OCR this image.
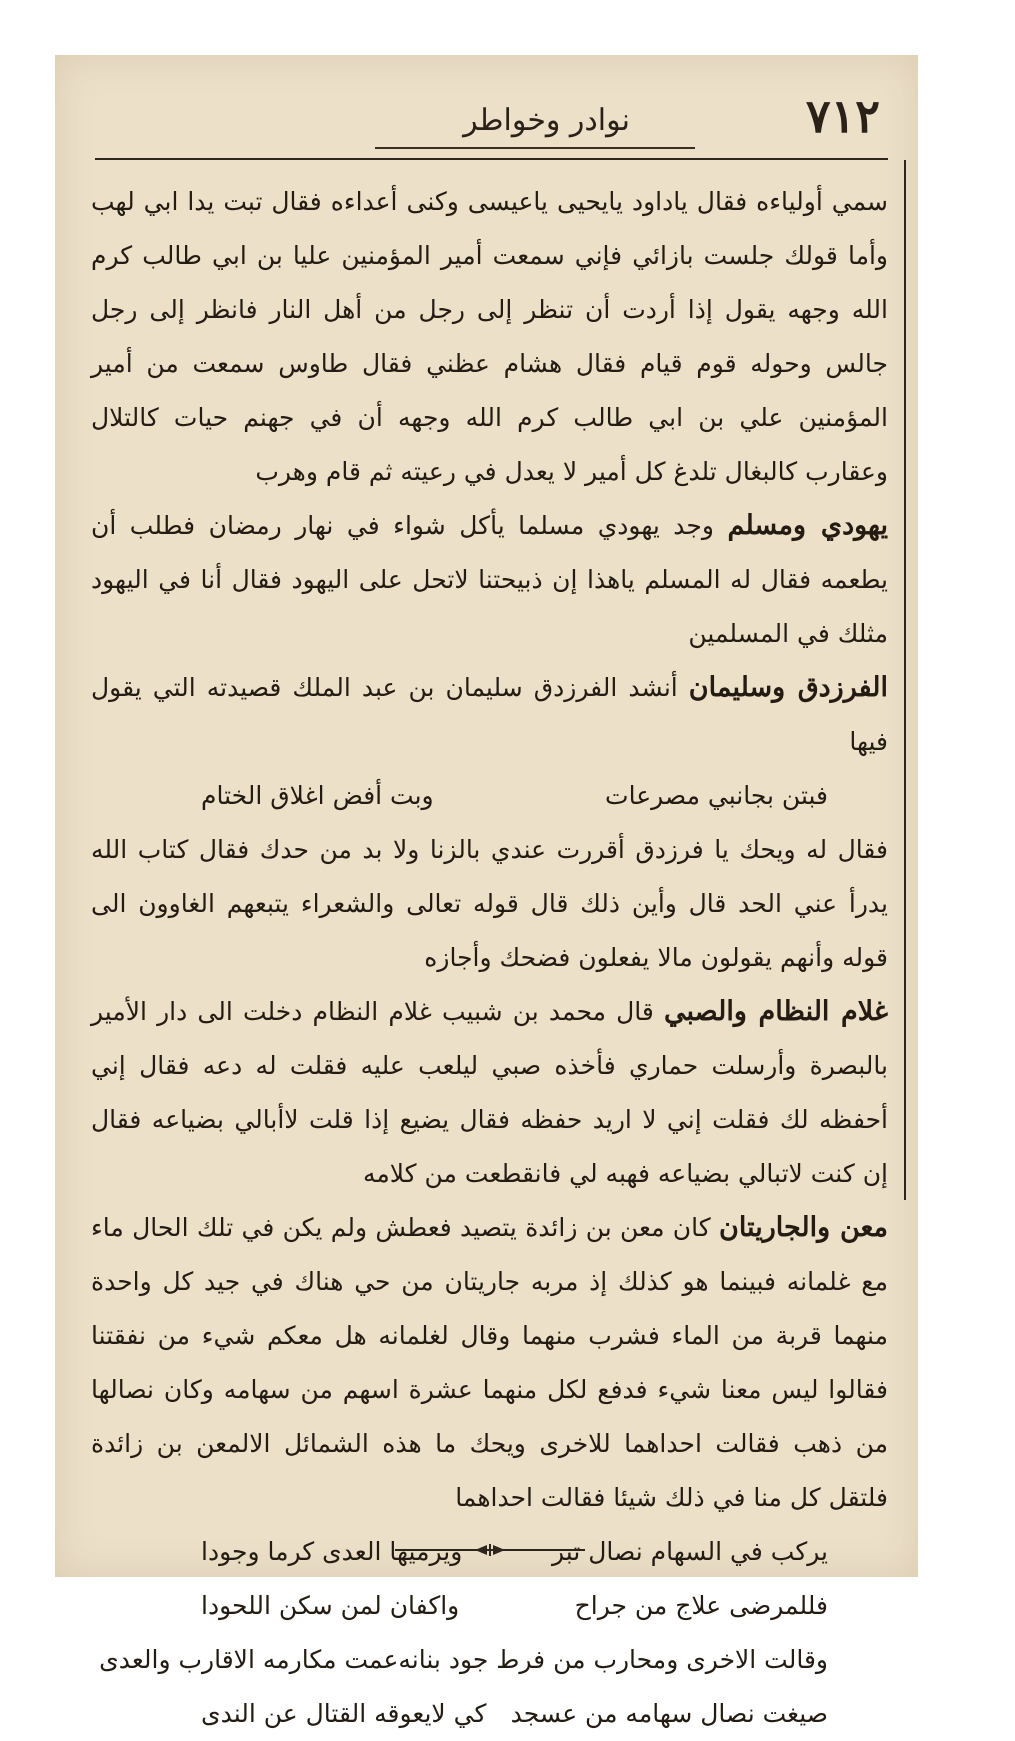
٧١٢
نوادر وخواطر

سمي أولياءه فقال ياداود يايحيى ياعيسى وكنى أعداءه فقال تبت يدا ابي لهب وأما قولك جلست بازائي فإني سمعت أمير المؤمنين عليا بن ابي طالب كرم الله وجهه يقول إذا أردت أن تنظر إلى رجل من أهل النار فانظر إلى رجل جالس وحوله قوم قيام فقال هشام عظني فقال طاوس سمعت من أمير المؤمنين علي بن ابي طالب كرم الله وجهه أن في جهنم حيات كالتلال وعقارب كالبغال تلدغ كل أمير لا يعدل في رعيته ثم قام وهرب

يهودي ومسلم وجد يهودي مسلما يأكل شواء في نهار رمضان فطلب أن يطعمه فقال له المسلم ياهذا إن ذبيحتنا لاتحل على اليهود فقال أنا في اليهود مثلك في المسلمين

الفرزدق وسليمان أنشد الفرزدق سليمان بن عبد الملك قصيدته التي يقول فيها

فبتن بجانبي مصرعات
وبت أفض اغلاق الختام

فقال له ويحك يا فرزدق أقررت عندي بالزنا ولا بد من حدك فقال كتاب الله يدرأ عني الحد قال وأين ذلك قال قوله تعالى والشعراء يتبعهم الغاوون الى قوله وأنهم يقولون مالا يفعلون فضحك وأجازه

غلام النظام والصبي قال محمد بن شبيب غلام النظام دخلت الى دار الأمير بالبصرة وأرسلت حماري فأخذه صبي ليلعب عليه فقلت له دعه فقال إني أحفظه لك فقلت إني لا اريد حفظه فقال يضيع إذا قلت لاأبالي بضياعه فقال إن كنت لاتبالي بضياعه فهبه لي فانقطعت من كلامه

معن والجاريتان كان معن بن زائدة يتصيد فعطش ولم يكن في تلك الحال ماء مع غلمانه فبينما هو كذلك إذ مربه جاريتان من حي هناك في جيد كل واحدة منهما قربة من الماء فشرب منهما وقال لغلمانه هل معكم شيء من نفقتنا فقالوا ليس معنا شيء فدفع لكل منهما عشرة اسهم من سهامه وكان نصالها من ذهب فقالت احداهما للاخرى ويحك ما هذه الشمائل الالمعن بن زائدة فلتقل كل منا في ذلك شيئا فقالت احداهما

يركب في السهام نصال تبر
ويرميها العدى كرما وجودا
فللمرضى علاج من جراح
واكفان لمن سكن اللحودا
وقالت الاخرى ومحارب من فرط جود بنانه
عمت مكارمه الاقارب والعدى
صيغت نصال سهامه من عسجد
كي لايعوقه القتال عن الندى
